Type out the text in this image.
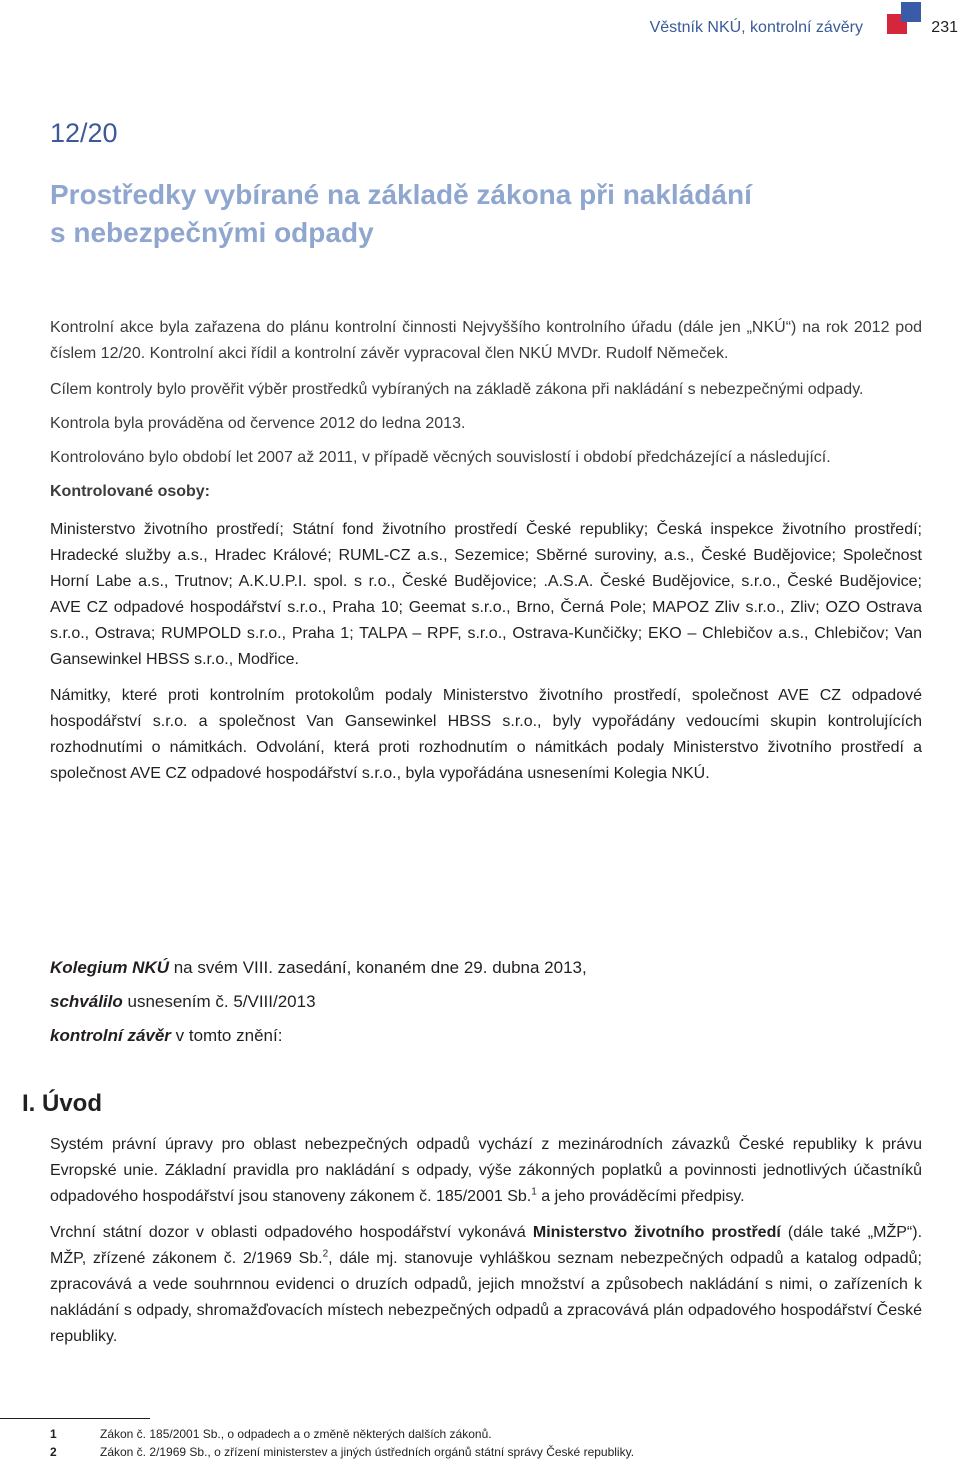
Věstník NKÚ, kontrolní závěry	231
12/20
Prostředky vybírané na základě zákona při nakládání
s nebezpečnými odpady

Kontrolní akce byla zařazena do plánu kontrolní činnosti Nejvyššího kontrolního úřadu (dále jen „NKÚ“) na rok 2012 pod číslem 12/20. Kontrolní akci řídil a kontrolní závěr vypracoval člen NKÚ MVDr. Rudolf Němeček.

Cílem kontroly bylo prověřit výběr prostředků vybíraných na základě zákona při nakládání s nebezpečnými odpady.

Kontrola byla prováděna od července 2012 do ledna 2013.

Kontrolováno bylo období let 2007 až 2011, v případě věcných souvislostí i období předcházející a následující.

Kontrolované osoby:

Ministerstvo životního prostředí; Státní fond životního prostředí České republiky; Česká inspekce životního prostředí; Hradecké služby a.s., Hradec Králové; RUML-CZ a.s., Sezemice; Sběrné suroviny, a.s., České Budějovice; Společnost Horní Labe a.s., Trutnov; A.K.U.P.I. spol. s r.o., České Budějovice; .A.S.A. České Budějovice, s.r.o., České Budějovice; AVE CZ odpadové hospodářství s.r.o., Praha 10; Geemat s.r.o., Brno, Černá Pole; MAPOZ Zliv s.r.o., Zliv; OZO Ostrava s.r.o., Ostrava; RUMPOLD s.r.o., Praha 1; TALPA – RPF, s.r.o., Ostrava-Kunčičky; EKO – Chlebičov a.s., Chlebičov; Van Gansewinkel HBSS s.r.o., Modřice.

Námitky, které proti kontrolním protokolům podaly Ministerstvo životního prostředí, společnost AVE CZ odpadové hospodářství s.r.o. a společnost Van Gansewinkel HBSS s.r.o., byly vypořádány vedoucími skupin kontrolujících rozhodnutími o námitkách. Odvolání, která proti rozhodnutím o námitkách podaly Ministerstvo životního prostředí a společnost AVE CZ odpadové hospodářství s.r.o., byla vypořádána usneseními Kolegia NKÚ.

Kolegium NKÚ na svém VIII. zasedání, konaném dne 29. dubna 2013,

schválilo usnesením č. 5/VIII/2013

kontrolní závěr v tomto znění:

I. Úvod

Systém právní úpravy pro oblast nebezpečných odpadů vychází z mezinárodních závazků České republiky k právu Evropské unie. Základní pravidla pro nakládání s odpady, výše zákonných poplatků a povinnosti jednotlivých účastníků odpadového hospodářství jsou stanoveny zákonem č. 185/2001 Sb.$^1$ a jeho prováděcími předpisy.

Vrchní státní dozor v oblasti odpadového hospodářství vykonává Ministerstvo životního prostředí (dále také „MŽP“). MŽP, zřízené zákonem č. 2/1969 Sb.$^2$, dále mj. stanovuje vyhláškou seznam nebezpečných odpadů a katalog odpadů; zpracovává a vede souhrnnou evidenci o druzích odpadů, jejich množství a způsobech nakládání s nimi, o zařízeních k nakládání s odpady, shromažďovacích místech nebezpečných odpadů a zpracovává plán odpadového hospodářství České republiky.

1	Zákon č. 185/2001 Sb., o odpadech a o změně některých dalších zákonů.
2	Zákon č. 2/1969 Sb., o zřízení ministerstev a jiných ústředních orgánů státní správy České republiky.
